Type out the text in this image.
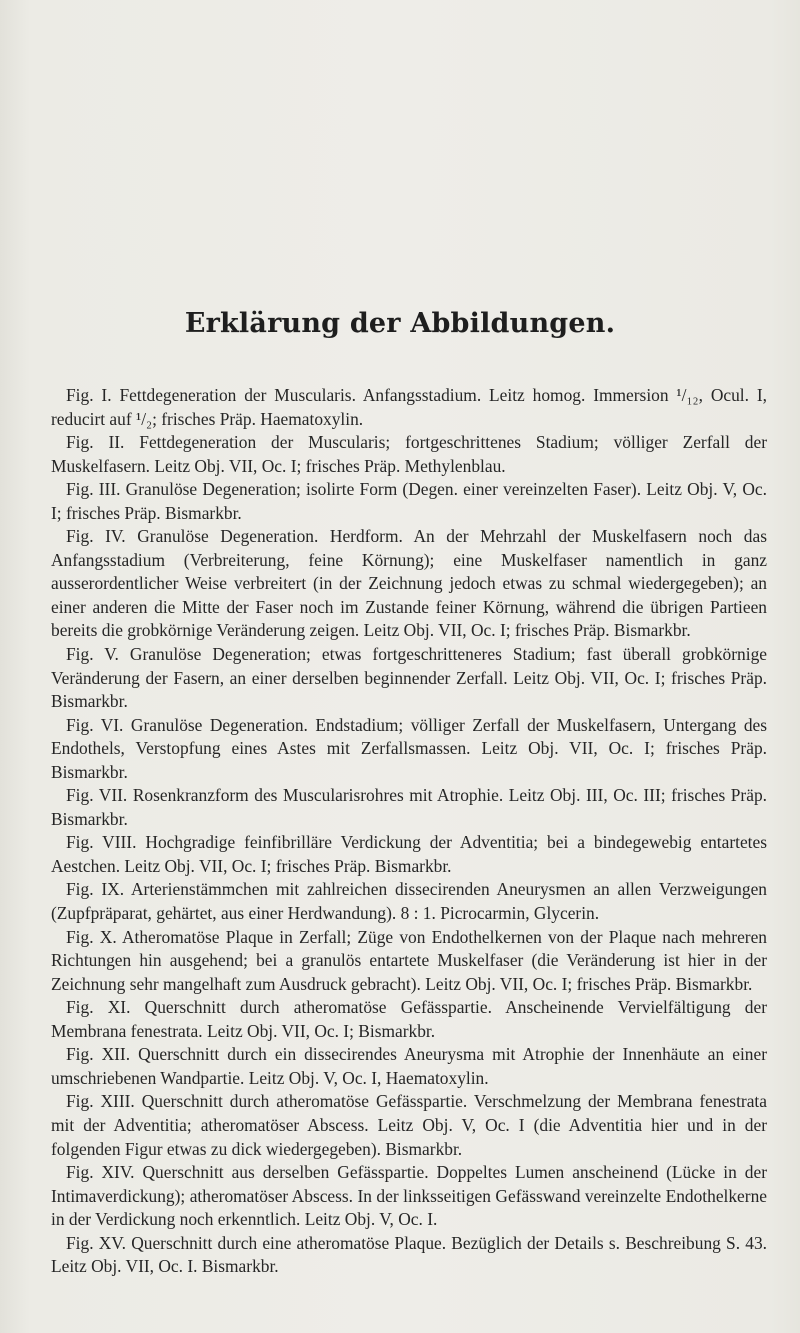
Erklärung der Abbildungen.

Fig. I. Fettdegeneration der Muscularis. Anfangsstadium. Leitz homog. Immersion ¹/₁₂, Ocul. I, reducirt auf ¹/₂; frisches Präp. Haematoxylin.

Fig. II. Fettdegeneration der Muscularis; fortgeschrittenes Stadium; völliger Zerfall der Muskelfasern. Leitz Obj. VII, Oc. I; frisches Präp. Methylenblau.

Fig. III. Granulöse Degeneration; isolirte Form (Degen. einer vereinzelten Faser). Leitz Obj. V, Oc. I; frisches Präp. Bismarkbr.

Fig. IV. Granulöse Degeneration. Herdform. An der Mehrzahl der Muskelfasern noch das Anfangsstadium (Verbreiterung, feine Körnung); eine Muskelfaser namentlich in ganz ausserordentlicher Weise verbreitert (in der Zeichnung jedoch etwas zu schmal wiedergegeben); an einer anderen die Mitte der Faser noch im Zustande feiner Körnung, während die übrigen Partieen bereits die grobkörnige Veränderung zeigen. Leitz Obj. VII, Oc. I; frisches Präp. Bismarkbr.

Fig. V. Granulöse Degeneration; etwas fortgeschritteneres Stadium; fast überall grobkörnige Veränderung der Fasern, an einer derselben beginnender Zerfall. Leitz Obj. VII, Oc. I; frisches Präp. Bismarkbr.

Fig. VI. Granulöse Degeneration. Endstadium; völliger Zerfall der Muskelfasern, Untergang des Endothels, Verstopfung eines Astes mit Zerfallsmassen. Leitz Obj. VII, Oc. I; frisches Präp. Bismarkbr.

Fig. VII. Rosenkranzform des Muscularisrohres mit Atrophie. Leitz Obj. III, Oc. III; frisches Präp. Bismarkbr.

Fig. VIII. Hochgradige feinfibrilläre Verdickung der Adventitia; bei a bindegewebig entartetes Aestchen. Leitz Obj. VII, Oc. I; frisches Präp. Bismarkbr.

Fig. IX. Arterienstämmchen mit zahlreichen dissecirenden Aneurysmen an allen Verzweigungen (Zupfpräparat, gehärtet, aus einer Herdwandung). 8 : 1. Picrocarmin, Glycerin.

Fig. X. Atheromatöse Plaque in Zerfall; Züge von Endothelkernen von der Plaque nach mehreren Richtungen hin ausgehend; bei a granulös entartete Muskelfaser (die Veränderung ist hier in der Zeichnung sehr mangelhaft zum Ausdruck gebracht). Leitz Obj. VII, Oc. I; frisches Präp. Bismarkbr.

Fig. XI. Querschnitt durch atheromatöse Gefässpartie. Anscheinende Vervielfältigung der Membrana fenestrata. Leitz Obj. VII, Oc. I; Bismarkbr.

Fig. XII. Querschnitt durch ein dissecirendes Aneurysma mit Atrophie der Innenhäute an einer umschriebenen Wandpartie. Leitz Obj. V, Oc. I, Haematoxylin.

Fig. XIII. Querschnitt durch atheromatöse Gefässpartie. Verschmelzung der Membrana fenestrata mit der Adventitia; atheromatöser Abscess. Leitz Obj. V, Oc. I (die Adventitia hier und in der folgenden Figur etwas zu dick wiedergegeben). Bismarkbr.

Fig. XIV. Querschnitt aus derselben Gefässpartie. Doppeltes Lumen anscheinend (Lücke in der Intimaverdickung); atheromatöser Abscess. In der linksseitigen Gefässwand vereinzelte Endothelkerne in der Verdickung noch erkenntlich. Leitz Obj. V, Oc. I.

Fig. XV. Querschnitt durch eine atheromatöse Plaque. Bezüglich der Details s. Beschreibung S. 43. Leitz Obj. VII, Oc. I. Bismarkbr.
